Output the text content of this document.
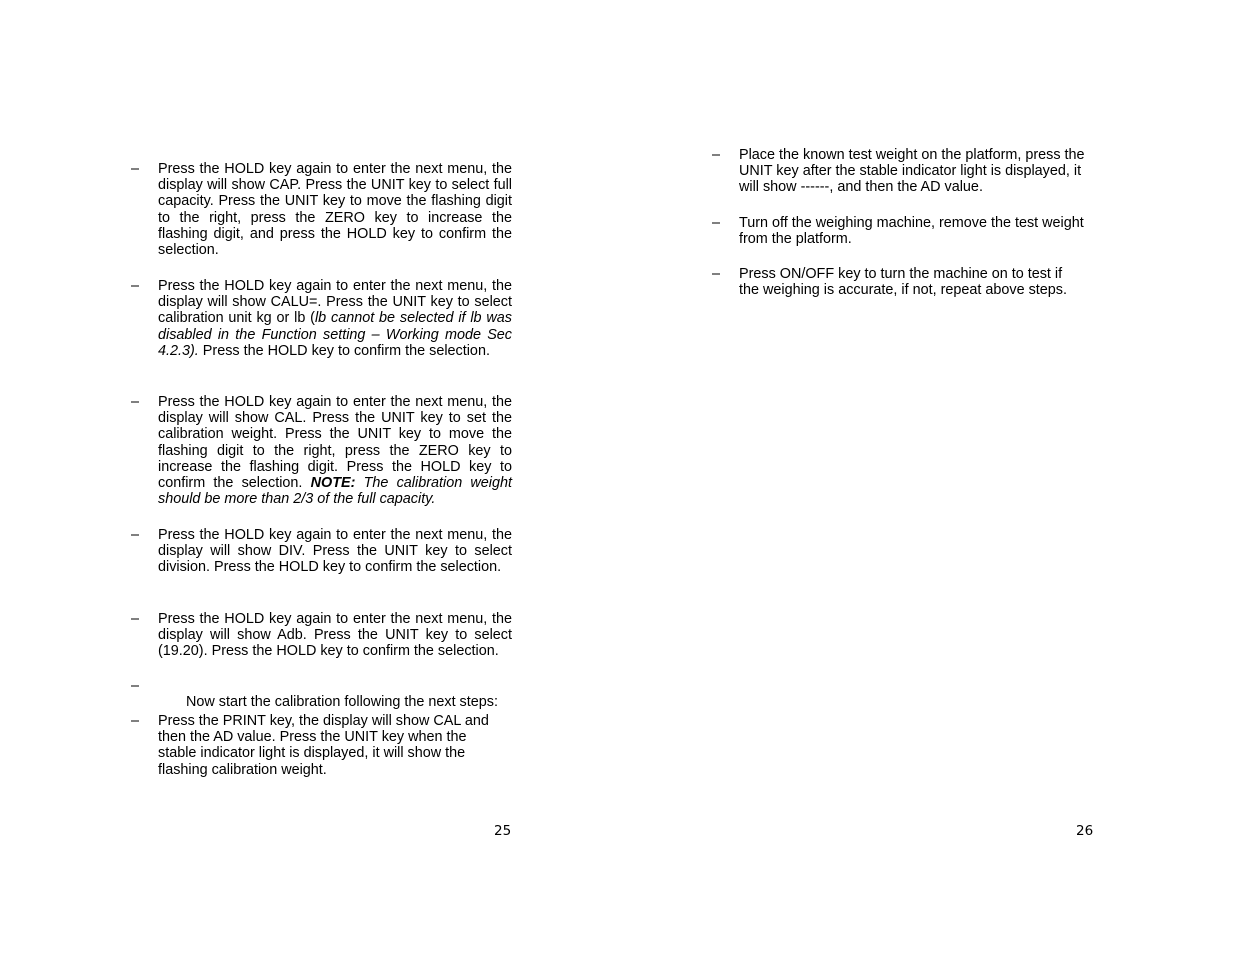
– Press the HOLD key again to enter the next menu, the display will show CAP. Press the UNIT key to select full capacity. Press the UNIT key to move the flashing digit to the right, press the ZERO key to increase the flashing digit, and press the HOLD key to confirm the selection.
– Press the HOLD key again to enter the next menu, the display will show CALU=. Press the UNIT key to select calibration unit kg or lb (lb cannot be selected if lb was disabled in the Function setting – Working mode Sec 4.2.3). Press the HOLD key to confirm the selection.
– Press the HOLD key again to enter the next menu, the display will show CAL. Press the UNIT key to set the calibration weight. Press the UNIT key to move the flashing digit to the right, press the ZERO key to increase the flashing digit. Press the HOLD key to confirm the selection. NOTE: The calibration weight should be more than 2/3 of the full capacity.
– Press the HOLD key again to enter the next menu, the display will show DIV. Press the UNIT key to select division. Press the HOLD key to confirm the selection.
– Press the HOLD key again to enter the next menu, the display will show Adb. Press the UNIT key to select (19.20). Press the HOLD key to confirm the selection.
–

Now start the calibration following the next steps:

– Press the PRINT key, the display will show CAL and then the AD value. Press the UNIT key when the stable indicator light is displayed, it will show the flashing calibration weight.
25
– Place the known test weight on the platform, press the UNIT key after the stable indicator light is displayed, it will show ------, and then the AD value.
– Turn off the weighing machine, remove the test weight from the platform.
– Press ON/OFF key to turn the machine on to test if the weighing is accurate, if not, repeat above steps.
26
